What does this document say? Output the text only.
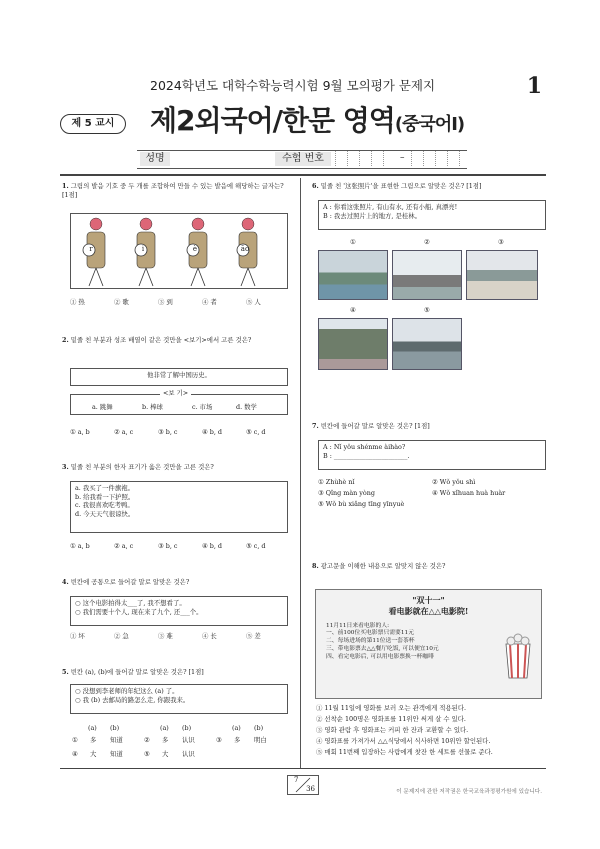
2024학년도 대학수학능력시험 9월 모의평가 문제지	1
제 5 교시	제2외국어/한문 영역(중국어Ⅰ)
성명	수험 번호	–
1. 그림의 발음 기호 중 두 개를 조합하여 만들 수 있는 발음에 해당하는 글자는? [1점]
r	i	è	āo
① 热	② 歌	③ 到	④ 者	⑤ 人
2. 밑줄 친 부분과 성조 배열이 같은 것만을 <보기>에서 고른 것은?
他非常了解中国历史。
<보 기>
a. 跳舞	b. 棒球	c. 市场	d. 数学
① a, b	② a, c	③ b, c	④ b, d	⑤ c, d
3. 밑줄 친 부분의 한자 표기가 옳은 것만을 고른 것은?
a. 我买了一件旗袍。
b. 给我看一下护照。
c. 我很喜欢吃考鸭。
d. 今天天气很谅快。
① a, b	② a, c	③ b, c	④ b, d	⑤ c, d
4. 빈칸에 공통으로 들어갈 말로 알맞은 것은?
○ 这个电影拍得太___了, 我不想看了。
○ 我们需要十个人, 现在来了九个, 还___个。
① 坏	② 急	③ 难	④ 长	⑤ 差
5. 빈칸 (a), (b)에 들어갈 말로 알맞은 것은? [1점]
○ 没想到李老师的年纪这么 (a) 了。
○ 我 (b) 去邮局的路怎么走, 你跟我来。
(a) (b)	(a) (b)	(a) (b)
① 多 知道	② 多 认识	③ 多 明白
④ 大 知道	⑤ 大 认识
6. 밑줄 친 '这张照片'을 표현한 그림으로 알맞은 것은? [1점]
A : 你看这张照片, 有山有水, 还有小船, 真漂亮!
B : 我去过照片上的地方, 是桂林。
①	②	③
④	⑤
7. 빈칸에 들어갈 말로 알맞은 것은? [1점]
A : Nǐ yǒu shénme àihào?
B : _______________________.
① Zhùhè nǐ	② Wǒ yǒu shì
③ Qǐng màn yòng	④ Wǒ xǐhuan huà huàr
⑤ Wǒ bù xiǎng tīng yīnyuè
8. 광고문을 이해한 내용으로 알맞지 않은 것은?
"双十一"
看电影就在△△电影院!
11月11日来看电影的人:
一、前100位买电影票只需要11元
二、每场进场的第11位送一套茶杯
三、带电影票去△△餐厅吃饭, 可以便宜10元
四、看完电影后, 可以用电影票换一杯咖啡
① 11월 11일에 영화를 보러 오는 관객에게 적용된다.
② 선착순 100명은 영화표를 11위안 써게 살 수 있다.
③ 영화 관람 후 영화표는 커피 한 잔과 교환할 수 있다.
④ 영화표를 가져가서 △△식당에서 식사하면 10위안 할인된다.
⑤ 매회 11번째 입장하는 사람에게 찻잔 한 세트를 선물로 준다.
7
36	이 문제지에 관한 저작권은 한국교육과정평가원에 있습니다.
